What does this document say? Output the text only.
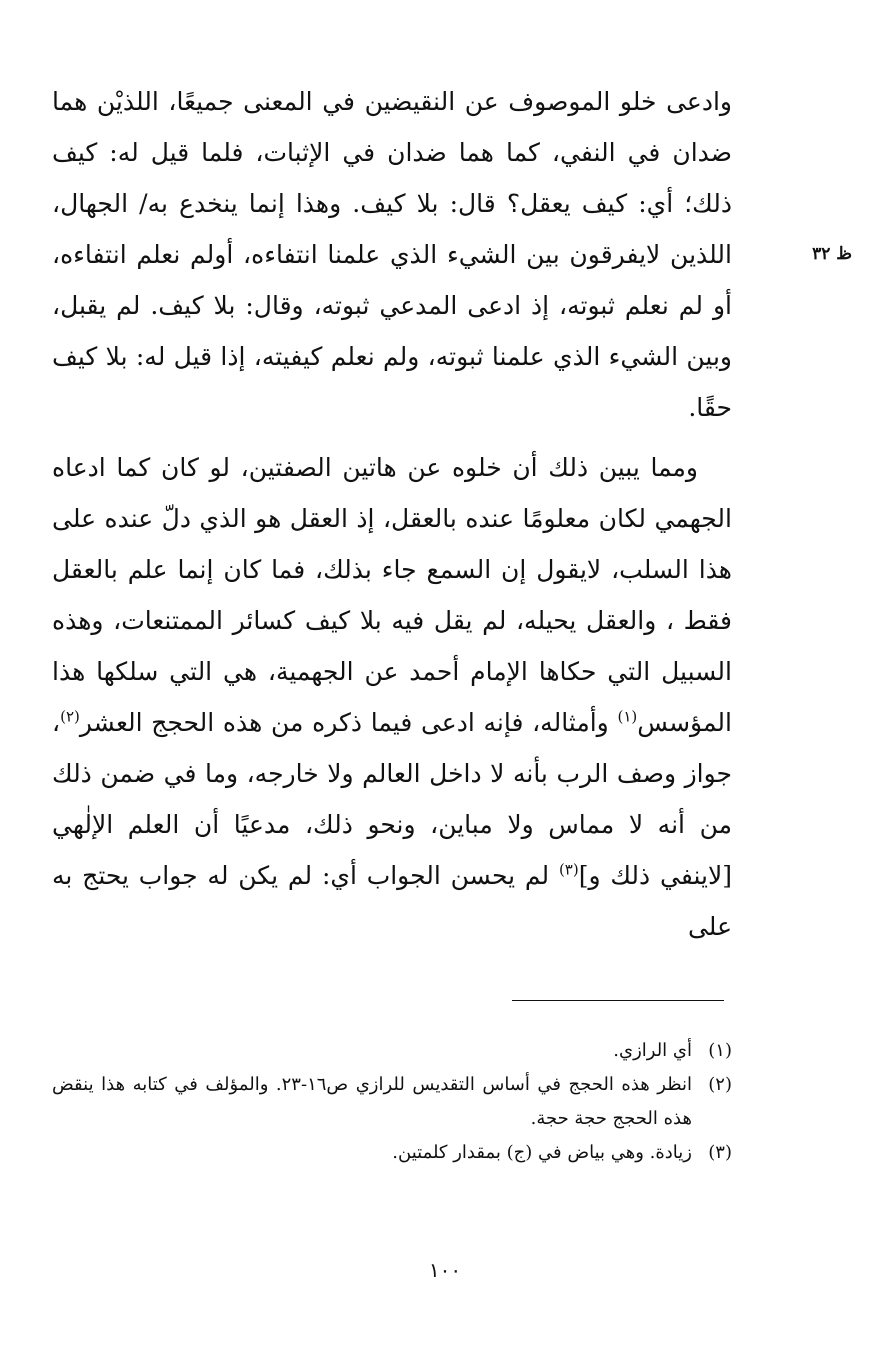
ظ ٣٢

وادعى خلو الموصوف عن النقيضين في المعنى جميعًا، اللذيْن هما ضدان في النفي، كما هما ضدان في الإثبات، فلما قيل له: كيف ذلك؛ أي: كيف يعقل؟ قال: بلا كيف. وهذا إنما ينخدع به/ الجهال، اللذين لايفرقون بين الشيء الذي علمنا انتفاءه، أولم نعلم انتفاءه، أو لم نعلم ثبوته، إذ ادعى المدعي ثبوته، وقال: بلا كيف. لم يقبل، وبين الشيء الذي علمنا ثبوته، ولم نعلم كيفيته، إذا قيل له: بلا كيف حقًا.

ومما يبين ذلك أن خلوه عن هاتين الصفتين، لو كان كما ادعاه الجهمي لكان معلومًا عنده بالعقل، إذ العقل هو الذي دلّ عنده على هذا السلب، لايقول إن السمع جاء بذلك، فما كان إنما علم بالعقل فقط ، والعقل يحيله، لم يقل فيه بلا كيف كسائر الممتنعات، وهذه السبيل التي حكاها الإمام أحمد عن الجهمية، هي التي سلكها هذا المؤسس$^{(١)}$ وأمثاله، فإنه ادعى فيما ذكره من هذه الحجج العشر$^{(٢)}$، جواز وصف الرب بأنه لا داخل العالم ولا خارجه، وما في ضمن ذلك من أنه لا مماس ولا مباين، ونحو ذلك، مدعيًا أن العلم الإلٰهي [لاينفي ذلك و]$^{(٣)}$ لم يحسن الجواب أي: لم يكن له جواب يحتج به على

(١)
أي الرازي.
(٢)
انظر هذه الحجج في أساس التقديس للرازي ص١٦-٢٣. والمؤلف في كتابه هذا ينقض هذه الحجج حجة حجة.
(٣)
زيادة. وهي بياض في (ج) بمقدار كلمتين.
١٠٠
